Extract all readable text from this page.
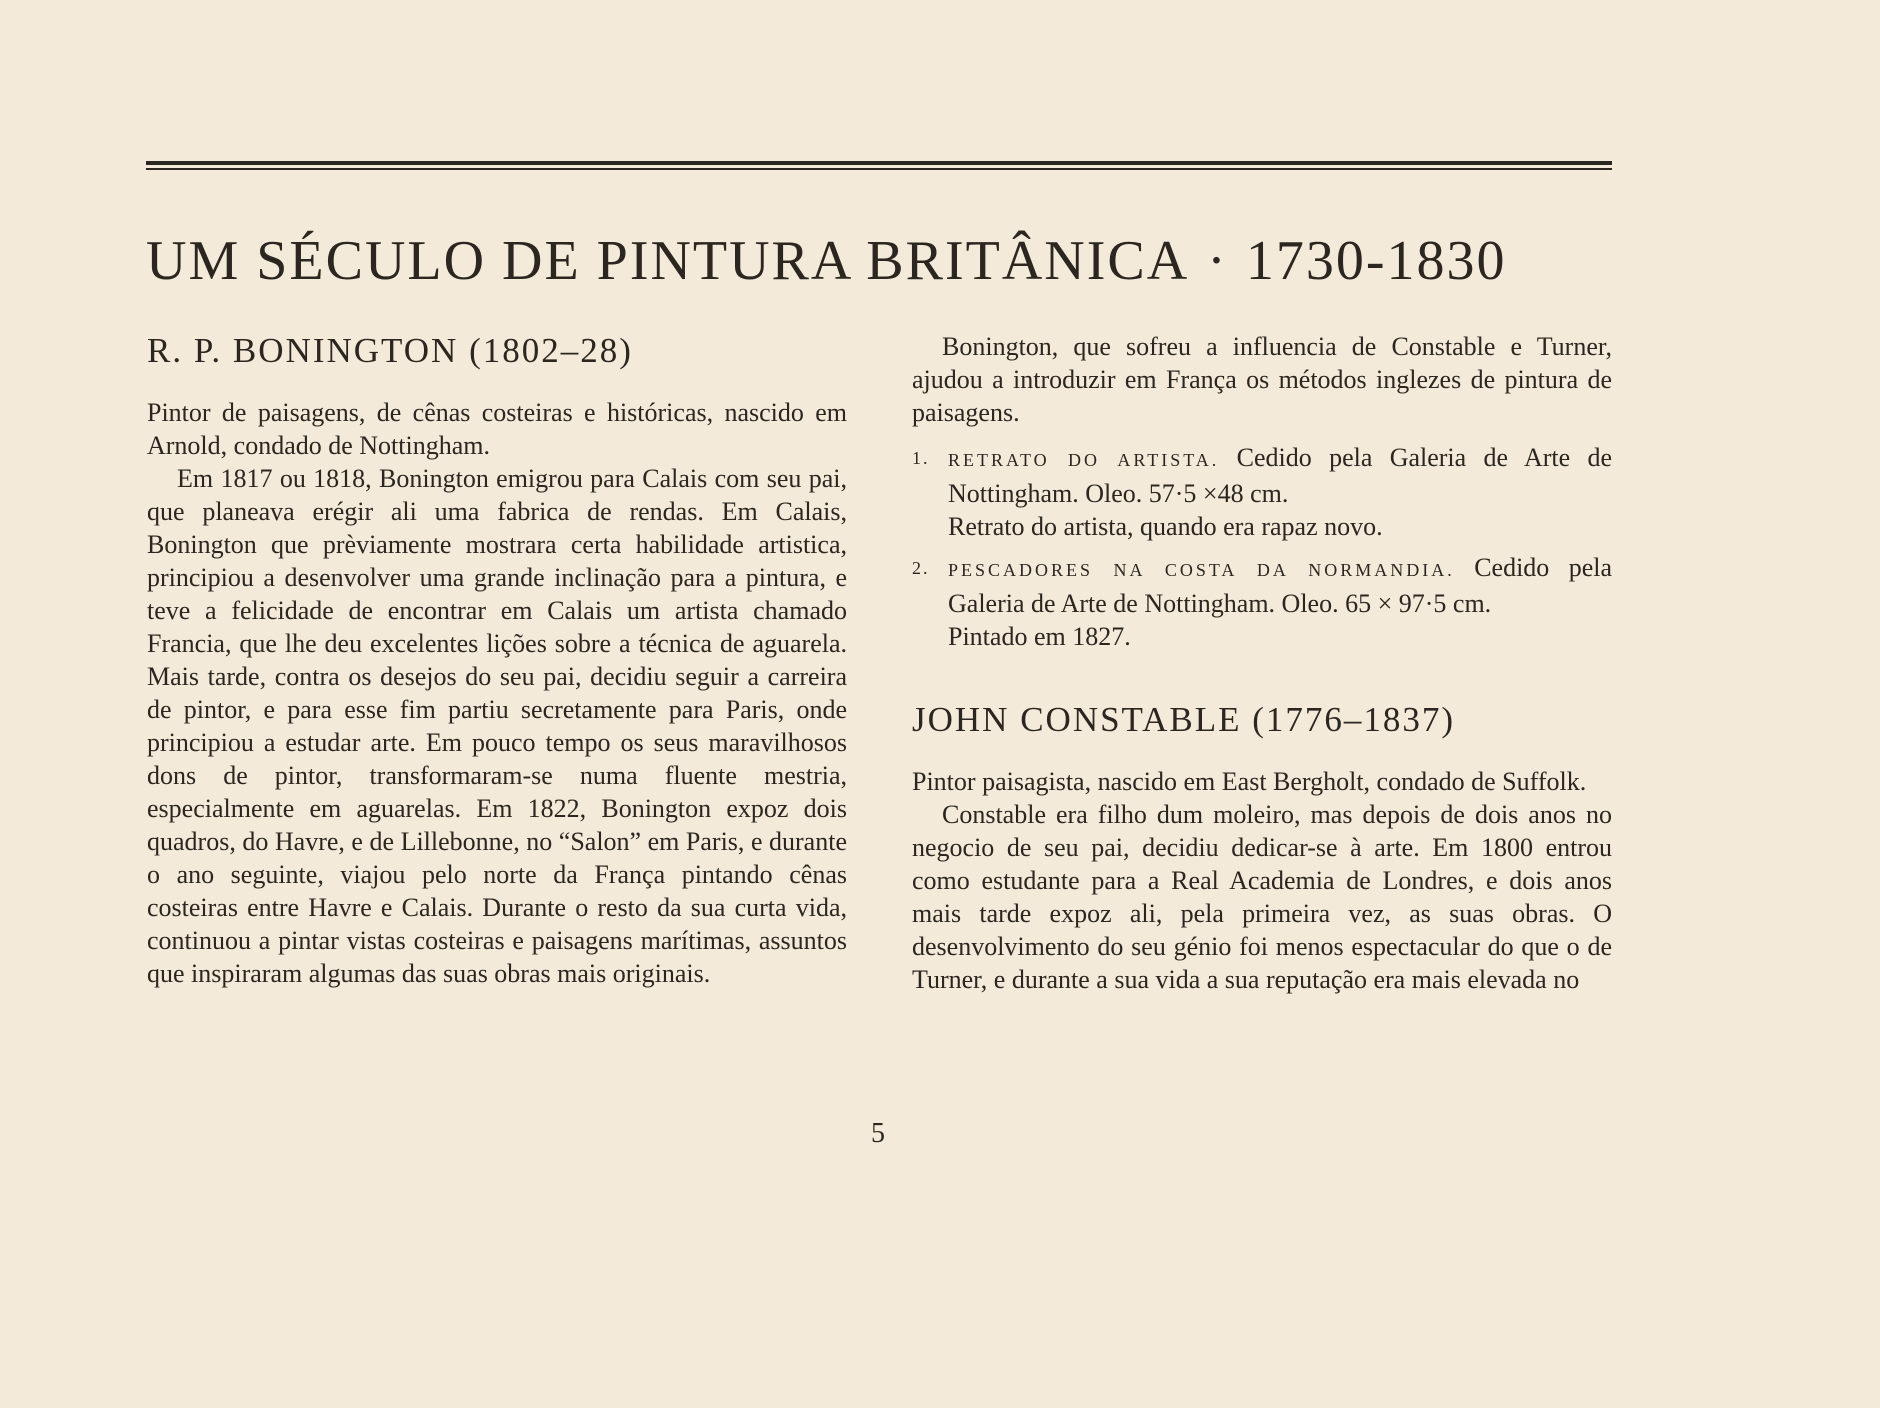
UM SÉCULO DE PINTURA BRITÂNICA · 1730-1830
R. P. BONINGTON (1802–28)

Pintor de paisagens, de cênas costeiras e históricas, nascido em Arnold, condado de Nottingham.

Em 1817 ou 1818, Bonington emigrou para Calais com seu pai, que planeava erégir ali uma fabrica de rendas. Em Calais, Bonington que prèviamente mostrara certa habilidade artistica, principiou a desenvolver uma grande inclinação para a pintura, e teve a felicidade de encontrar em Calais um artista chamado Francia, que lhe deu excelentes lições sobre a técnica de aguarela. Mais tarde, contra os desejos do seu pai, decidiu seguir a carreira de pintor, e para esse fim partiu secretamente para Paris, onde principiou a estudar arte. Em pouco tempo os seus maravilhosos dons de pintor, transformaram-se numa fluente mestria, especialmente em aguarelas. Em 1822, Bonington expoz dois quadros, do Havre, e de Lillebonne, no “Salon” em Paris, e durante o ano seguinte, viajou pelo norte da França pintando cênas costeiras entre Havre e Calais. Durante o resto da sua curta vida, continuou a pintar vistas costeiras e paisagens marítimas, assuntos que inspiraram algumas das suas obras mais originais.

Bonington, que sofreu a influencia de Constable e Turner, ajudou a introduzir em França os métodos inglezes de pintura de paisagens.

1.	RETRATO DO ARTISTA. Cedido pela Galeria de Arte de Nottingham. Oleo. 57·5 ×48 cm.
Retrato do artista, quando era rapaz novo.
2.	PESCADORES NA COSTA DA NORMANDIA. Cedido pela Galeria de Arte de Nottingham. Oleo. 65 × 97·5 cm.
Pintado em 1827.
JOHN CONSTABLE (1776–1837)

Pintor paisagista, nascido em East Bergholt, condado de Suffolk.

Constable era filho dum moleiro, mas depois de dois anos no negocio de seu pai, decidiu dedicar-se à arte. Em 1800 entrou como estudante para a Real Academia de Londres, e dois anos mais tarde expoz ali, pela primeira vez, as suas obras. O desenvolvimento do seu génio foi menos espectacular do que o de Turner, e durante a sua vida a sua reputação era mais elevada no

5
